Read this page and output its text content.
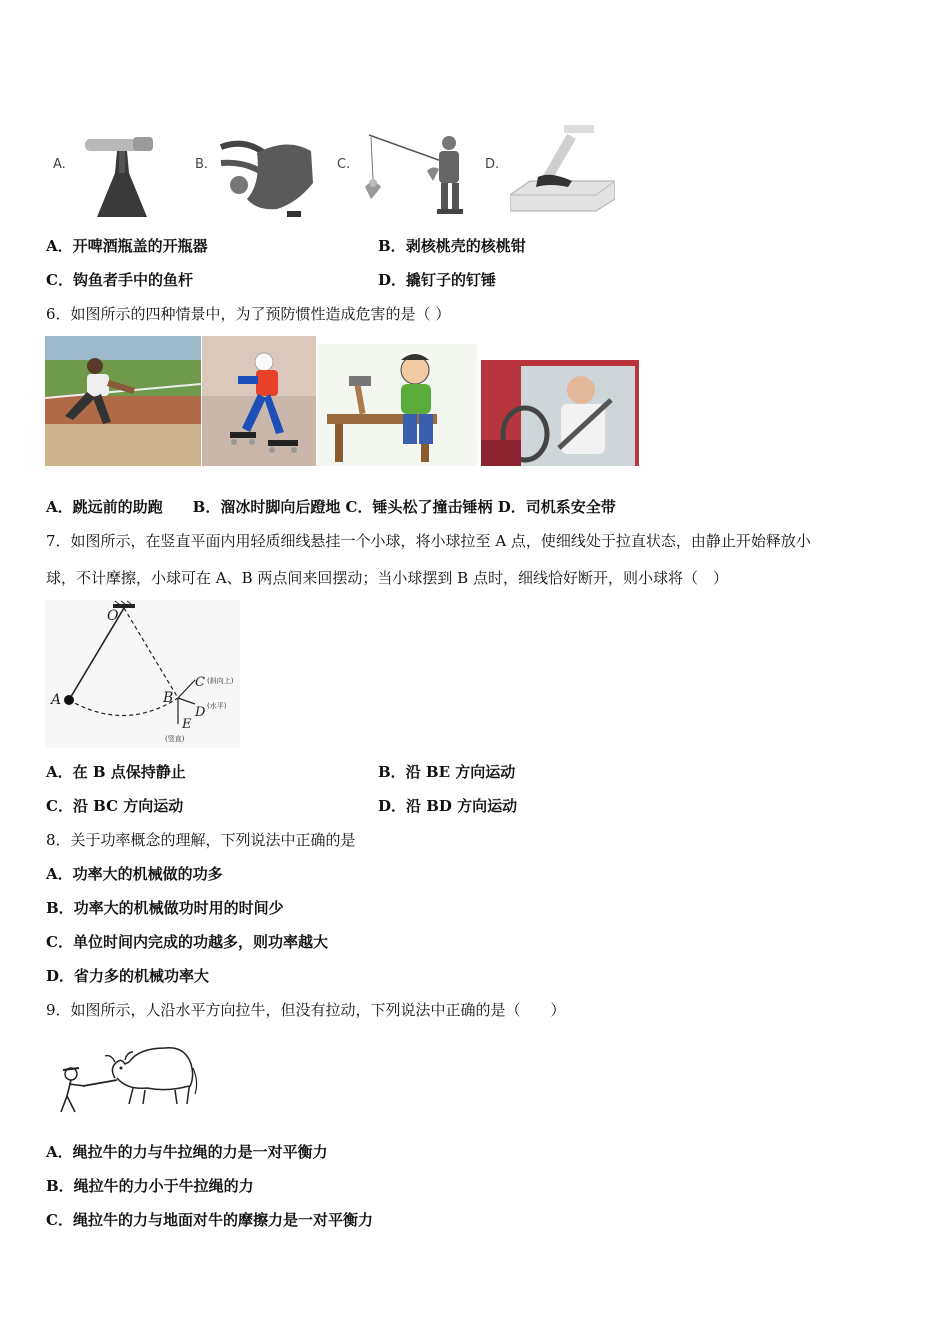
A.	B.	C.	D.
A．开啤酒瓶盖的开瓶器	B．剥核桃壳的核桃钳
C．钩鱼者手中的鱼杆	D．撬钉子的钉锤
6．如图所示的四种情景中，为了预防惯性造成危害的是（ ）
A．跳远前的助跑　　B．溜冰时脚向后蹬地 C．锤头松了撞击锤柄 D．司机系安全带
7．如图所示，在竖直平面内用轻质细线悬挂一个小球，将小球拉至 A 点，使细线处于拉直状态，由静止开始释放小
球，不计摩擦，小球可在 A、B 两点间来回摆动；当小球摆到 B 点时，细线恰好断开，则小球将（　）
O
A	B
C (斜向上)
D (水平)
E
(竖直)
A．在 B 点保持静止	B．沿 BE 方向运动
C．沿 BC 方向运动	D．沿 BD 方向运动
8．关于功率概念的理解，下列说法中正确的是
A．功率大的机械做的功多
B．功率大的机械做功时用的时间少
C．单位时间内完成的功越多，则功率越大
D．省力多的机械功率大
9．如图所示，人沿水平方向拉牛，但没有拉动，下列说法中正确的是（　　）
A．绳拉牛的力与牛拉绳的力是一对平衡力
B．绳拉牛的力小于牛拉绳的力
C．绳拉牛的力与地面对牛的摩擦力是一对平衡力
